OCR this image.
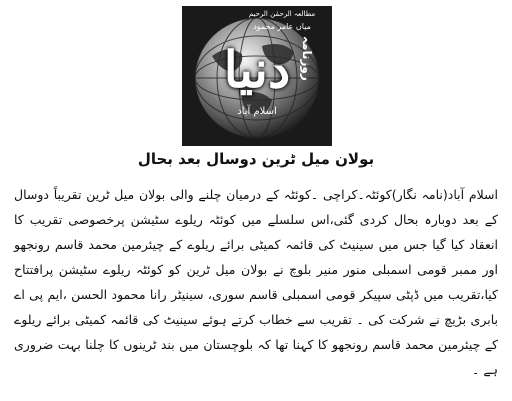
مطالعہ الرحمٰن الرحیم
میاں عامر محمود
روزنامہ
دنیا
اسلام آباد
بولان میل ٹرین دوسال بعد بحال

اسلام آباد(نامہ نگار)کوئٹہ۔کراچی ۔کوئٹہ کے درمیان چلنے والی بولان میل ٹرین تقریباً دوسال کے بعد دوبارہ بحال کردی گئی،اس سلسلے میں کوئٹہ ریلوے سٹیشن پرخصوصی تقریب کا انعقاد کیا گیا جس میں سینیٹ کی قائمہ کمیٹی برائے ریلوے کے چیئرمین محمد قاسم رونجھو اور ممبر قومی اسمبلی منور منیر بلوچ نے بولان میل ٹرین کو کوئٹہ ریلوے سٹیشن پرافتتاح کیا،تقریب میں ڈپٹی سپیکر قومی اسمبلی قاسم سوری، سینیٹر رانا محمود الحسن ،ایم پی اے بابری بڑیچ نے شرکت کی ۔ تقریب سے خطاب کرتے ہوئے سینیٹ کی قائمہ کمیٹی برائے ریلوے کے چیئرمین محمد قاسم رونجھو کا کہنا تھا کہ بلوچستان میں بند ٹرینوں کا چلنا بہت ضروری ہے ۔
